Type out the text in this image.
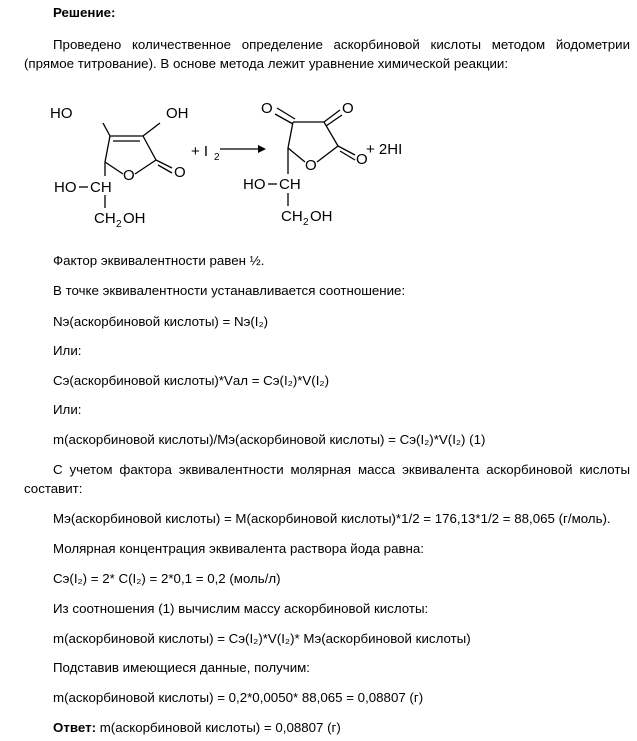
Решение:
Проведено количественное определение аскорбиновой кислоты методом йодометрии (прямое титрование). В основе метода лежит уравнение химической реакции:
HO	OH
O	O
HO CH
CH 2 OH
+ I 2
O	O
O	O
HO CH
CH 2 OH
+ 2HI
Фактор эквивалентности равен ½.
В точке эквивалентности устанавливается соотношение:
Nэ(аскорбиновой кислоты) = Nэ(I₂)
Или:
Cэ(аскорбиновой кислоты)*Vал = Cэ(I₂)*V(I₂)
Или:
m(аскорбиновой кислоты)/Mэ(аскорбиновой кислоты) = Cэ(I₂)*V(I₂) (1)
С учетом фактора эквивалентности молярная масса эквивалента аскорбиновой кислоты составит:
Mэ(аскорбиновой кислоты) = M(аскорбиновой кислоты)*1/2 = 176,13*1/2 = 88,065 (г/моль).
Молярная концентрация эквивалента раствора йода равна:
Cэ(I₂) = 2* C(I₂) = 2*0,1 = 0,2 (моль/л)
Из соотношения (1) вычислим массу аскорбиновой кислоты:
m(аскорбиновой кислоты) = Cэ(I₂)*V(I₂)* Mэ(аскорбиновой кислоты)
Подставив имеющиеся данные, получим:
m(аскорбиновой кислоты) = 0,2*0,0050* 88,065 = 0,08807 (г)
Ответ: m(аскорбиновой кислоты) = 0,08807 (г)
